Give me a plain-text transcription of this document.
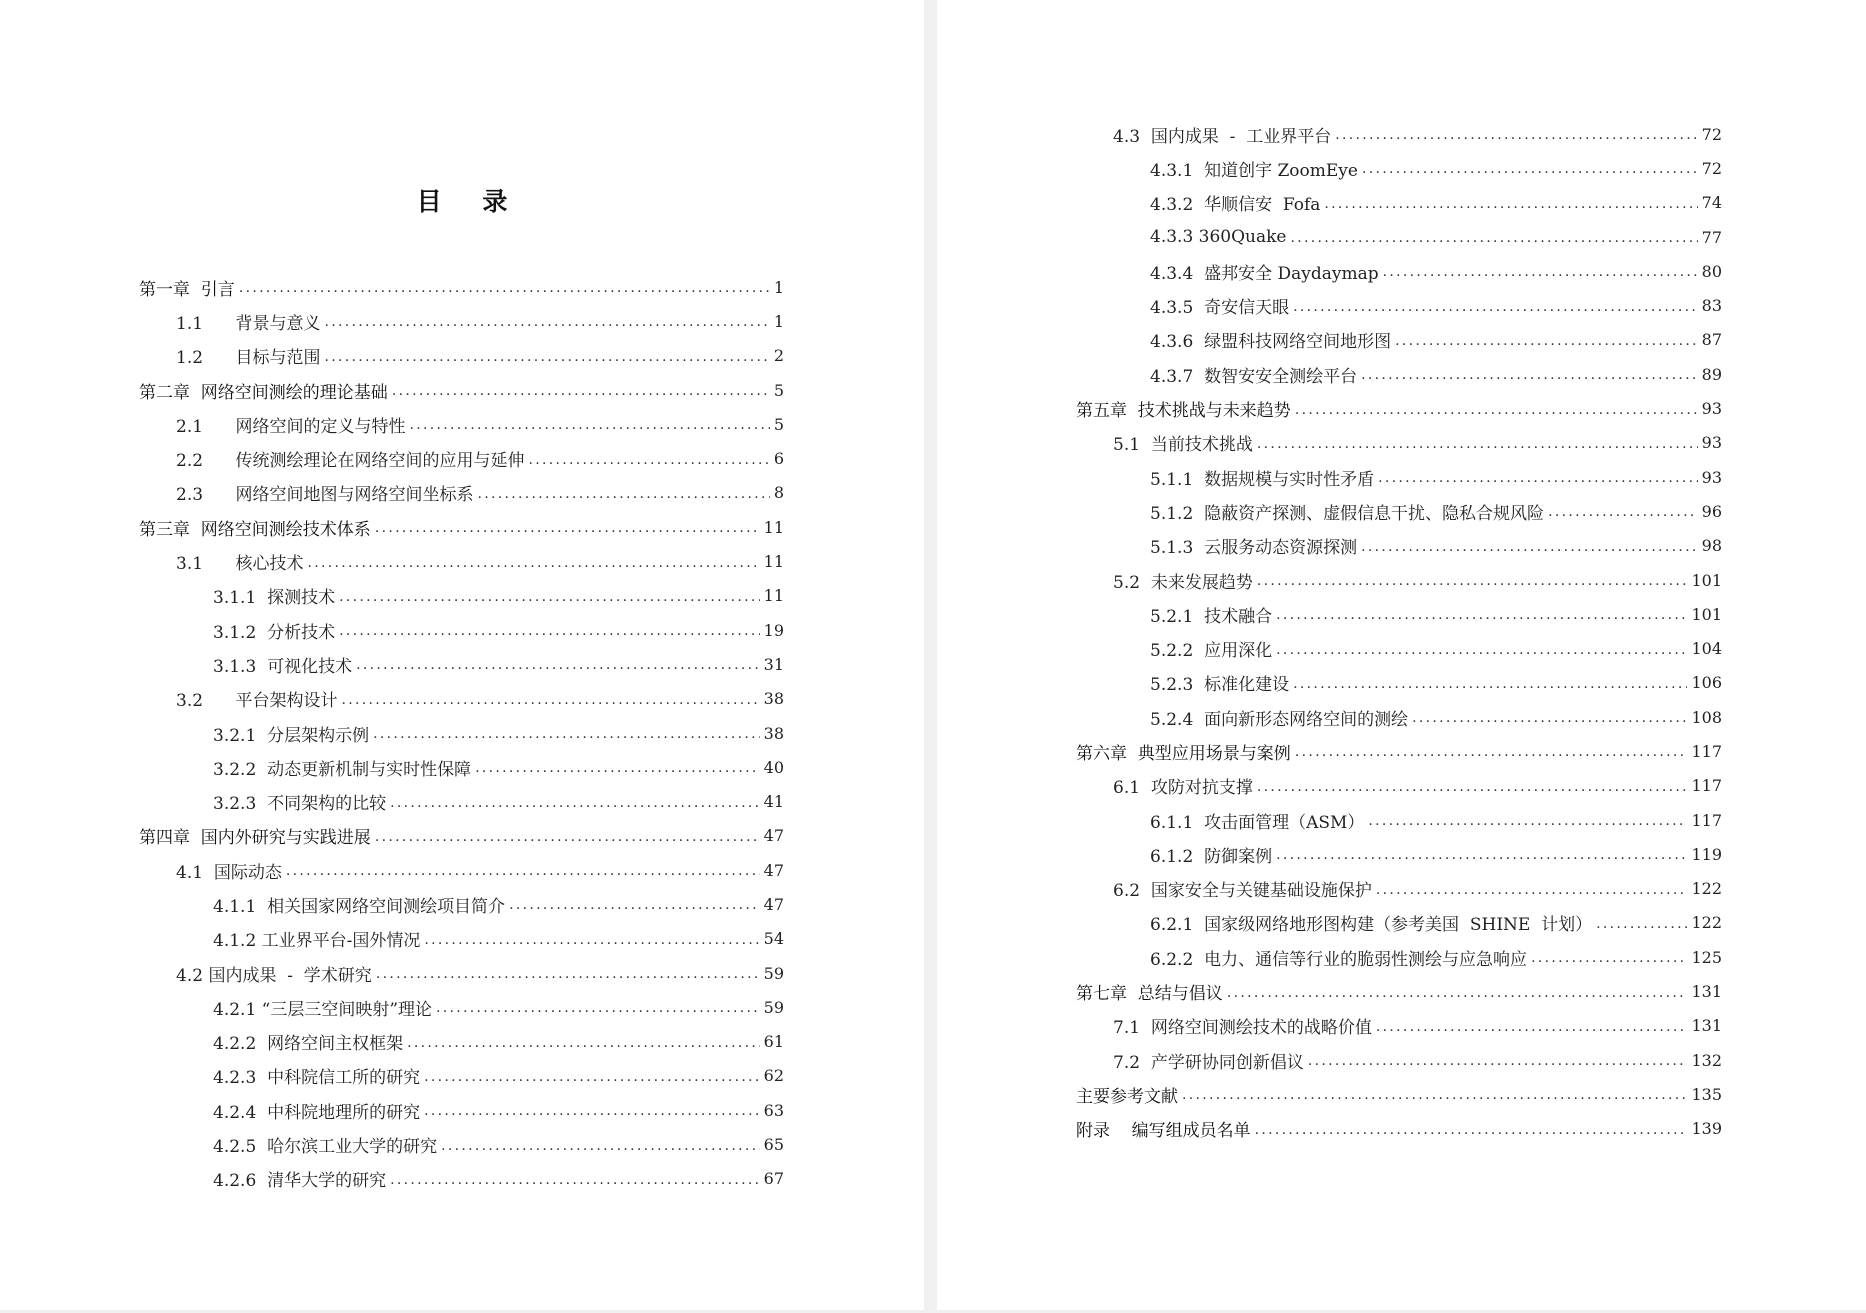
目 录
第一章  引言 .....	1
1.1      背景与意义 .....	1
1.2      目标与范围 .....	2
第二章  网络空间测绘的理论基础 .....	5
2.1      网络空间的定义与特性 .....	5
2.2      传统测绘理论在网络空间的应用与延伸 .....	6
2.3      网络空间地图与网络空间坐标系 .....	8
第三章  网络空间测绘技术体系 .....	11
3.1      核心技术 .....	11
3.1.1  探测技术 .....	11
3.1.2  分析技术 .....	19
3.1.3  可视化技术 .....	31
3.2      平台架构设计 .....	38
3.2.1  分层架构示例 .....	38
3.2.2  动态更新机制与实时性保障 .....	40
3.2.3  不同架构的比较 .....	41
第四章  国内外研究与实践进展 .....	47
4.1  国际动态 .....	47
4.1.1  相关国家网络空间测绘项目简介 .....	47
4.1.2 工业界平台-国外情况 .....	54
4.2 国内成果  -  学术研究 .....	59
4.2.1 “三层三空间映射”理论 .....	59
4.2.2  网络空间主权框架 .....	61
4.2.3  中科院信工所的研究 .....	62
4.2.4  中科院地理所的研究 .....	63
4.2.5  哈尔滨工业大学的研究 .....	65
4.2.6  清华大学的研究 .....	67
4.3  国内成果  -  工业界平台 .....	72
4.3.1  知道创宇 ZoomEye .....	72
4.3.2  华顺信安  Fofa .....	74
4.3.3 360Quake .....	77
4.3.4  盛邦安全 Daydaymap .....	80
4.3.5  奇安信天眼 .....	83
4.3.6  绿盟科技网络空间地形图 .....	87
4.3.7  数智安安全测绘平台 .....	89
第五章  技术挑战与未来趋势 .....	93
5.1  当前技术挑战 .....	93
5.1.1  数据规模与实时性矛盾 .....	93
5.1.2  隐蔽资产探测、虚假信息干扰、隐私合规风险 .....	96
5.1.3  云服务动态资源探测 .....	98
5.2  未来发展趋势 .....	101
5.2.1  技术融合 .....	101
5.2.2  应用深化 .....	104
5.2.3  标准化建设 .....	106
5.2.4  面向新形态网络空间的测绘 .....	108
第六章  典型应用场景与案例 .....	117
6.1  攻防对抗支撑 .....	117
6.1.1  攻击面管理（ASM） .....	117
6.1.2  防御案例 .....	119
6.2  国家安全与关键基础设施保护 .....	122
6.2.1  国家级网络地形图构建（参考美国  SHINE  计划） .....	122
6.2.2  电力、通信等行业的脆弱性测绘与应急响应 .....	125
第七章  总结与倡议 .....	131
7.1  网络空间测绘技术的战略价值 .....	131
7.2  产学研协同创新倡议 .....	132
主要参考文献 .....	135
附录    编写组成员名单 .....	139
